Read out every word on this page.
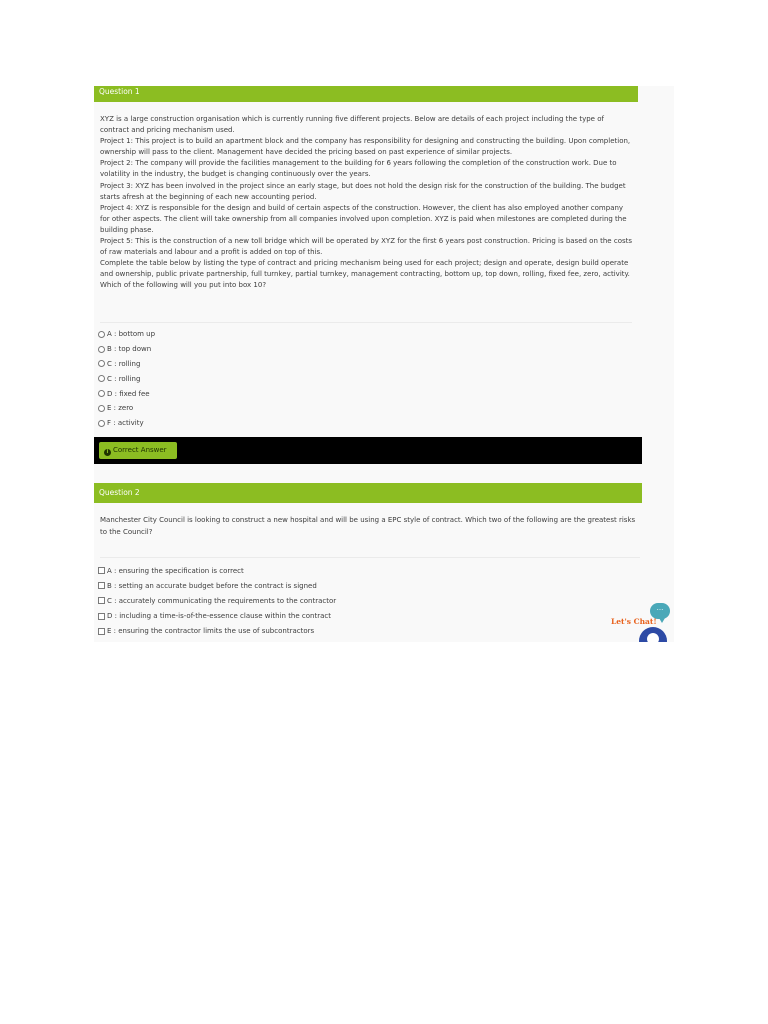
Question 1

XYZ is a large construction organisation which is currently running five different projects. Below are details of each project including the type of contract and pricing mechanism used.

Project 1: This project is to build an apartment block and the company has responsibility for designing and constructing the building. Upon completion, ownership will pass to the client. Management have decided the pricing based on past experience of similar projects.

Project 2: The company will provide the facilities management to the building for 6 years following the completion of the construction work. Due to volatility in the industry, the budget is changing continuously over the years.

Project 3: XYZ has been involved in the project since an early stage, but does not hold the design risk for the construction of the building. The budget starts afresh at the beginning of each new accounting period.

Project 4: XYZ is responsible for the design and build of certain aspects of the construction. However, the client has also employed another company for other aspects. The client will take ownership from all companies involved upon completion. XYZ is paid when milestones are completed during the building phase.

Project 5: This is the construction of a new toll bridge which will be operated by XYZ for the first 6 years post construction. Pricing is based on the costs of raw materials and labour and a profit is added on top of this.

Complete the table below by listing the type of contract and pricing mechanism being used for each project; design and operate, design build operate and ownership, public private partnership, full turnkey, partial turnkey, management contracting, bottom up, top down, rolling, fixed fee, zero, activity.

Which of the following will you put into box 10?

A : bottom up
B : top down
C : rolling
C : rolling
D : fixed fee
E : zero
F : activity
i Correct Answer
Question 2

Manchester City Council is looking to construct a new hospital and will be using a EPC style of contract. Which two of the following are the greatest risks to the Council?

A : ensuring the specification is correct
B : setting an accurate budget before the contract is signed
C : accurately communicating the requirements to the contractor
D : including a time-is-of-the-essence clause within the contract
E : ensuring the contractor limits the use of subcontractors
...
Let's Chat!
